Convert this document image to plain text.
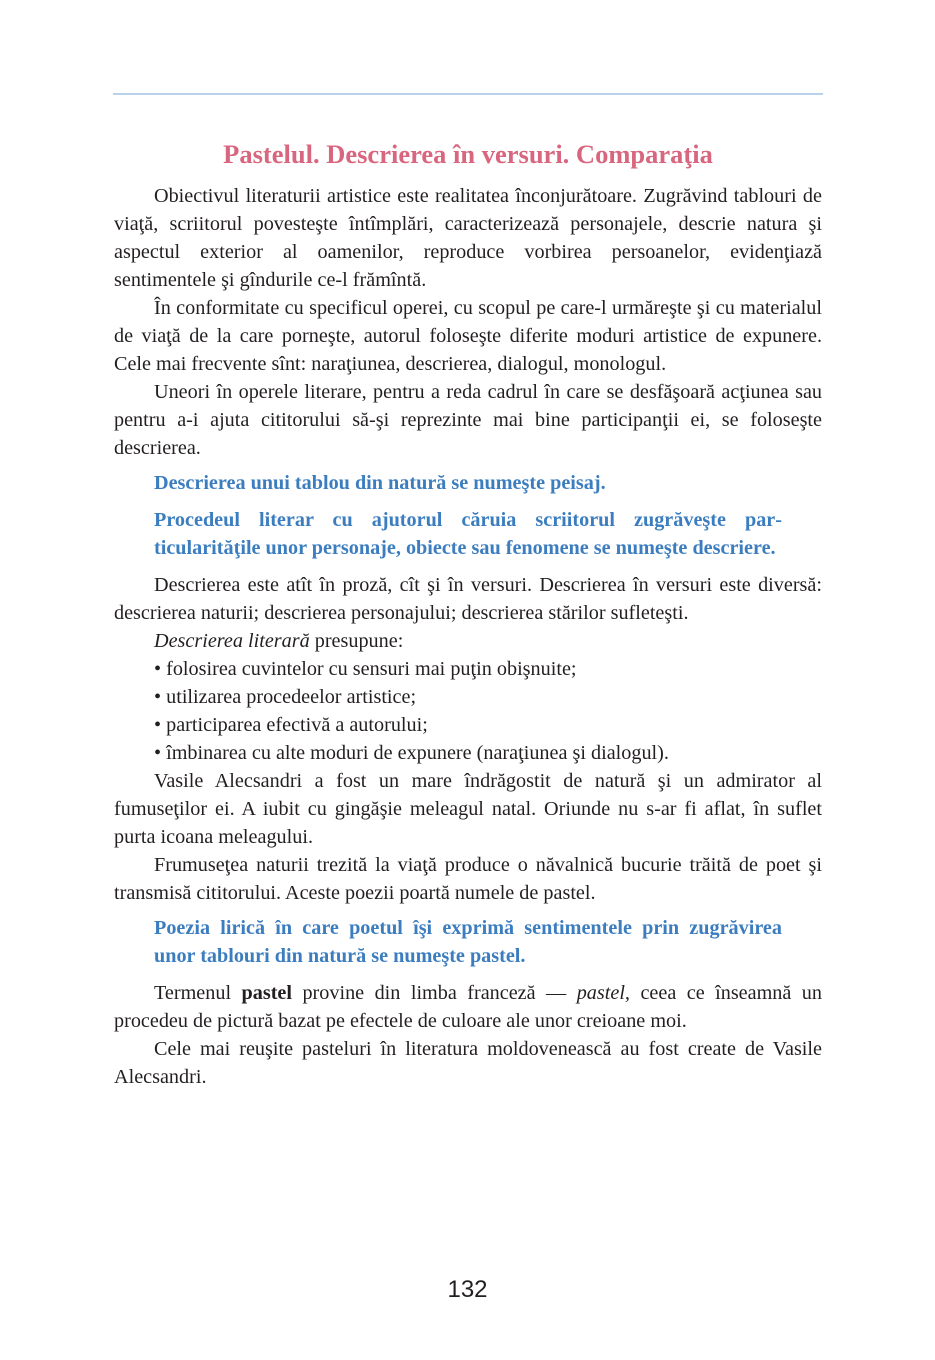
Pastelul. Descrierea în versuri. Comparaţia

Obiectivul literaturii artistice este realitatea înconjurătoare. Zugrăvind tablouri de viaţă, scriitorul povesteşte întîmplări, caracterizează personajele, descrie natura şi aspectul exterior al oamenilor, reproduce vorbirea persoanelor, evidenţiază sentimentele şi gîndurile ce-l frămîntă.

În conformitate cu specificul operei, cu scopul pe care-l urmăreşte şi cu materialul de viaţă de la care porneşte, autorul foloseşte diferite moduri artistice de expunere. Cele mai frecvente sînt: naraţiunea, descrierea, dialogul, monologul.

Uneori în operele literare, pentru a reda cadrul în care se desfăşoară acţiunea sau pentru a-i ajuta cititorului să-şi reprezinte mai bine participanţii ei, se foloseşte descrierea.

Descrierea unui tablou din natură se numeşte peisaj.

Procedeul literar cu ajutorul căruia scriitorul zugrăveşte particularităţile unor personaje, obiecte sau fenomene se numeşte descriere.

Descrierea este atît în proză, cît şi în versuri. Descrierea în versuri este diversă: descrierea naturii; descrierea personajului; descrierea stărilor sufleteşti.

Descrierea literară presupune:

• folosirea cuvintelor cu sensuri mai puţin obişnuite;

• utilizarea procedeelor artistice;

• participarea efectivă a autorului;

• îmbinarea cu alte moduri de expunere (naraţiunea şi dialogul).

Vasile Alecsandri a fost un mare îndrăgostit de natură şi un admirator al fumuseţilor ei. A iubit cu gingăşie meleagul natal. Oriunde nu s-ar fi aflat, în suflet purta icoana meleagului.

Frumuseţea naturii trezită la viaţă produce o năvalnică bucurie trăită de poet şi transmisă cititorului. Aceste poezii poartă numele de pastel.

Poezia lirică în care poetul îşi exprimă sentimentele prin zugrăvirea unor tablouri din natură se numeşte pastel.

Termenul pastel provine din limba franceză — pastel, ceea ce înseamnă un procedeu de pictură bazat pe efectele de culoare ale unor creioane moi.

Cele mai reuşite pasteluri în literatura moldovenească au fost create de Vasile Alecsandri.

132
